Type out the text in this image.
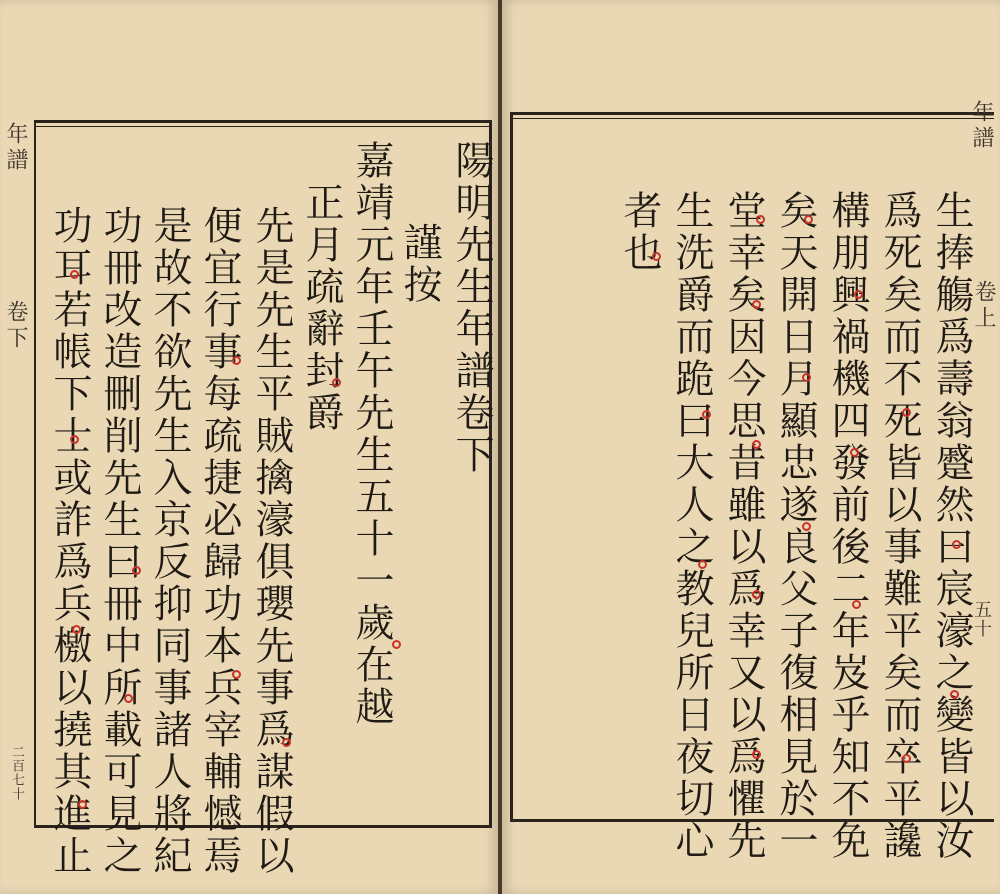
年譜
卷下
二百七十
陽明先生年譜卷下
謹按
嘉靖元年壬午先生五十一歲在越
正月疏辭封爵
先是先生平賊擒濠俱瓔先事爲謀假以
便宜行事每疏捷必歸功本兵宰輔憾焉
是故不欲先生入京反抑同事諸人將紀
功冊改造刪削先生曰冊中所載可見之
功耳若帳下士或詐爲兵檄以撓其進止
年譜
卷上
五十
生捧觴爲壽翁蹙然曰宸濠之變皆以汝
爲死矣而不死皆以事難平矣而卒平讒
構朋興禍機四發前後二年岌乎知不免
矣天開日月顯忠遂良父子復相見於一
堂幸矣因今思昔雖以爲幸又以爲懼先
生洗爵而跪曰大人之教兒所日夜切心
者也
